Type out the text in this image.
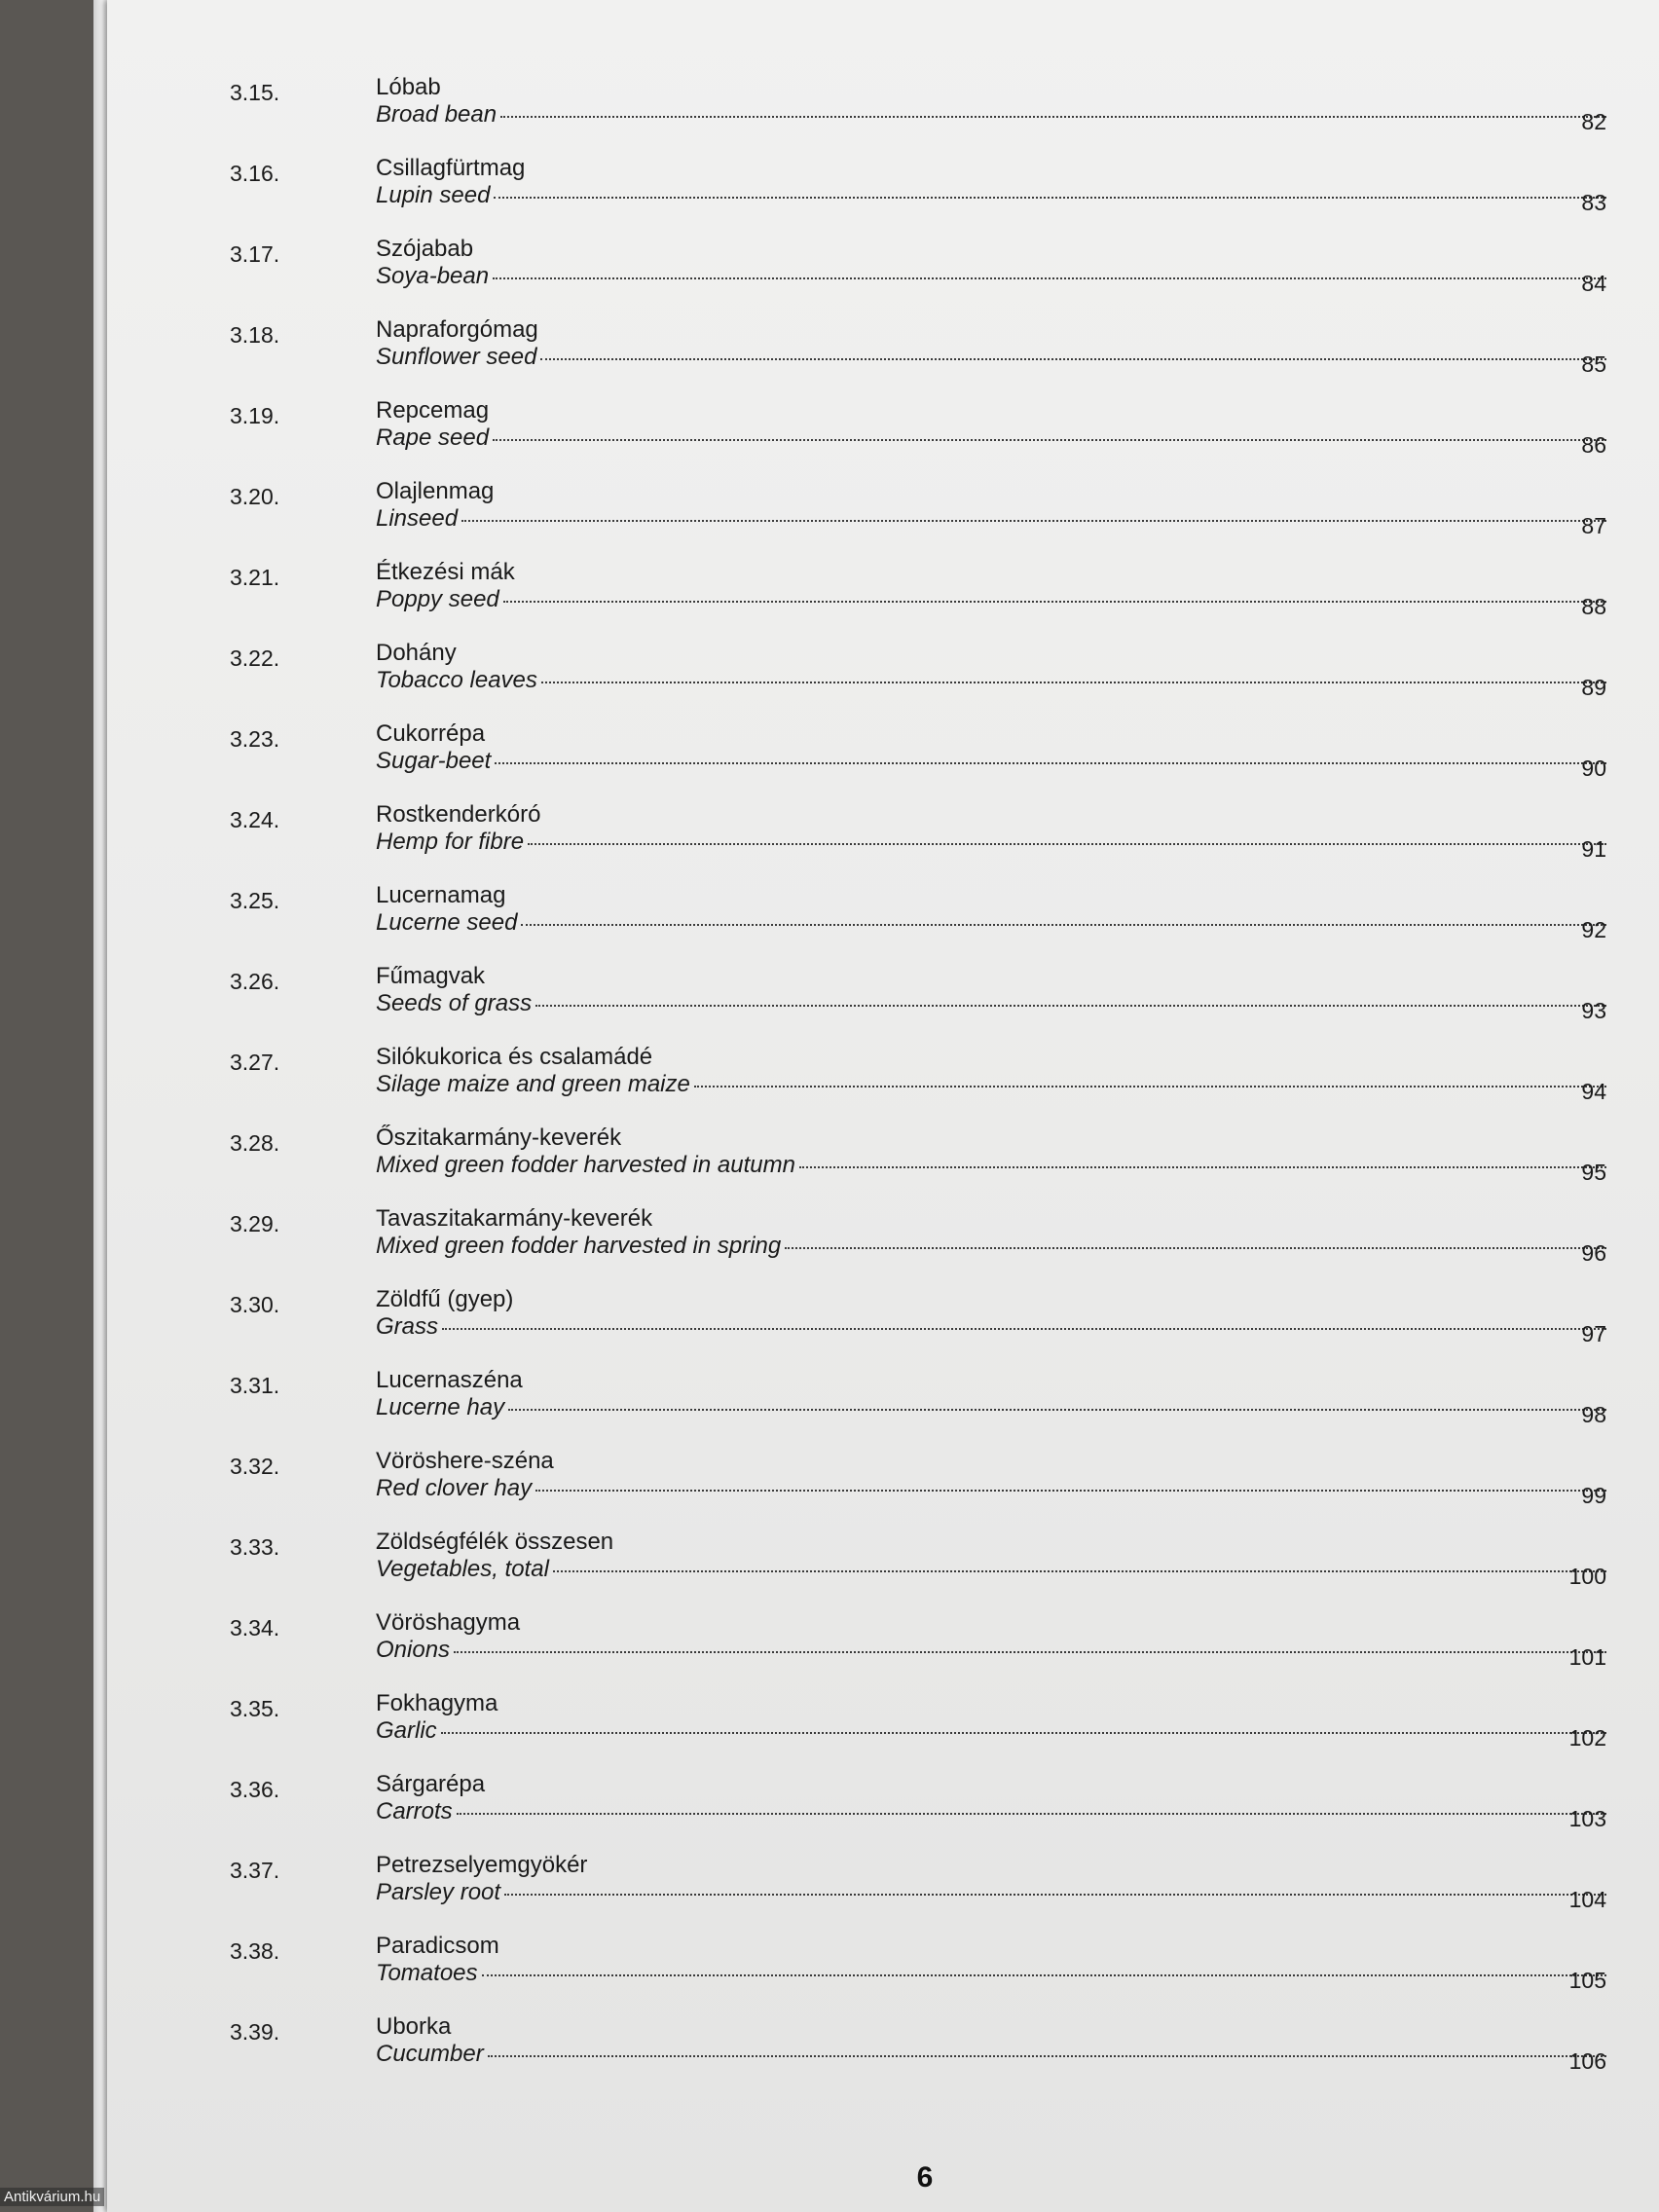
3.15.	Lóbab
Broad bean	82
3.16.	Csillagfürtmag
Lupin seed	83
3.17.	Szójabab
Soya-bean	84
3.18.	Napraforgómag
Sunflower seed	85
3.19.	Repcemag
Rape seed	86
3.20.	Olajlenmag
Linseed	87
3.21.	Étkezési mák
Poppy seed	88
3.22.	Dohány
Tobacco leaves	89
3.23.	Cukorrépa
Sugar-beet	90
3.24.	Rostkenderkóró
Hemp for fibre	91
3.25.	Lucernamag
Lucerne seed	92
3.26.	Fűmagvak
Seeds of grass	93
3.27.	Silókukorica és csalamádé
Silage maize and green maize	94
3.28.	Őszitakarmány-keverék
Mixed green fodder harvested in autumn	95
3.29.	Tavaszitakarmány-keverék
Mixed green fodder harvested in spring	96
3.30.	Zöldfű (gyep)
Grass	97
3.31.	Lucernaszéna
Lucerne hay	98
3.32.	Vöröshere-széna
Red clover hay	99
3.33.	Zöldségfélék összesen
Vegetables, total	100
3.34.	Vöröshagyma
Onions	101
3.35.	Fokhagyma
Garlic	102
3.36.	Sárgarépa
Carrots	103
3.37.	Petrezselyemgyökér
Parsley root	104
3.38.	Paradicsom
Tomatoes	105
3.39.	Uborka
Cucumber	106
6
Antikvárium.hu
